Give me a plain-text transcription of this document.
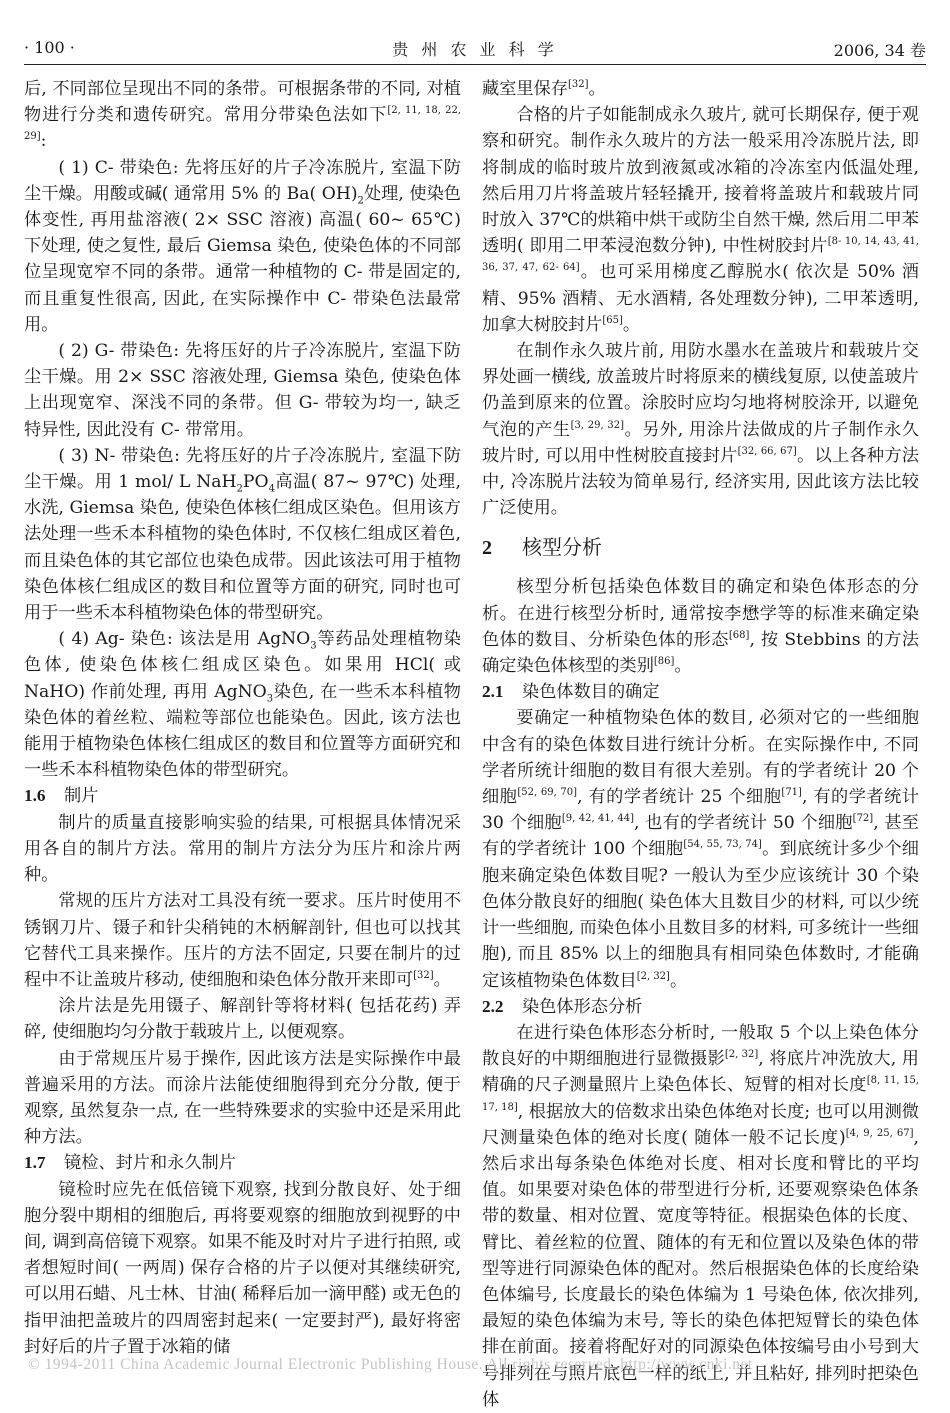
· 100 ·	贵 州 农 业 科 学	2006, 34 卷

后, 不同部位呈现出不同的条带。可根据条带的不同, 对植物进行分类和遗传研究。常用分带染色法如下[2, 11, 18, 22, 29]:

( 1) C- 带染色: 先将压好的片子冷冻脱片, 室温下防尘干燥。用酸或碱( 通常用 5% 的 Ba( $OH)_2$处理, 使染色体变性, 再用盐溶液( 2× SSC 溶液) 高温( 60~ 65℃) 下处理, 使之复性, 最后 Giemsa 染色, 使染色体的不同部位呈现宽窄不同的条带。通常一种植物的 C- 带是固定的, 而且重复性很高, 因此, 在实际操作中 C- 带染色法最常用。

( 2) G- 带染色: 先将压好的片子冷冻脱片, 室温下防尘干燥。用 2× SSC 溶液处理, Giemsa 染色, 使染色体上出现宽窄、深浅不同的条带。但 G- 带较为均一, 缺乏特异性, 因此没有 C- 带常用。

( 3) N- 带染色: 先将压好的片子冷冻脱片, 室温下防尘干燥。用 1 mol/ L $NaH_2PO_4$高温( 87~ 97℃) 处理, 水洗, Giemsa 染色, 使染色体核仁组成区染色。但用该方法处理一些禾本科植物的染色体时, 不仅核仁组成区着色, 而且染色体的其它部位也染色成带。因此该法可用于植物染色体核仁组成区的数目和位置等方面的研究, 同时也可用于一些禾本科植物染色体的带型研究。

( 4) Ag- 染色: 该法是用 AgNO$_3$等药品处理植物染色体, 使染色体核仁组成区染色。如果用 HCl( 或 NaHO) 作前处理, 再用 AgNO$_3$染色, 在一些禾本科植物染色体的着丝粒、端粒等部位也能染色。因此, 该方法也能用于植物染色体核仁组成区的数目和位置等方面研究和一些禾本科植物染色体的带型研究。

1.6 制片

制片的质量直接影响实验的结果, 可根据具体情况采用各自的制片方法。常用的制片方法分为压片和涂片两种。

常规的压片方法对工具没有统一要求。压片时使用不锈钢刀片、镊子和针尖稍钝的木柄解剖针, 但也可以找其它替代工具来操作。压片的方法不固定, 只要在制片的过程中不让盖玻片移动, 使细胞和染色体分散开来即可[32]。

涂片法是先用镊子、解剖针等将材料( 包括花药) 弄碎, 使细胞均匀分散于载玻片上, 以便观察。

由于常规压片易于操作, 因此该方法是实际操作中最普遍采用的方法。而涂片法能使细胞得到充分分散, 便于观察, 虽然复杂一点, 在一些特殊要求的实验中还是采用此种方法。

1.7 镜检、封片和永久制片

镜检时应先在低倍镜下观察, 找到分散良好、处于细胞分裂中期相的细胞后, 再将要观察的细胞放到视野的中间, 调到高倍镜下观察。如果不能及时对片子进行拍照, 或者想短时间( 一两周) 保存合格的片子以便对其继续研究, 可以用石蜡、凡士林、甘油( 稀释后加一滴甲醛) 或无色的指甲油把盖玻片的四周密封起来( 一定要封严), 最好将密封好后的片子置于冰箱的储

藏室里保存[32]。

合格的片子如能制成永久玻片, 就可长期保存, 便于观察和研究。制作永久玻片的方法一般采用冷冻脱片法, 即将制成的临时玻片放到液氮或冰箱的冷冻室内低温处理, 然后用刀片将盖玻片轻轻撬开, 接着将盖玻片和载玻片同时放入 37℃的烘箱中烘干或防尘自然干燥, 然后用二甲苯透明( 即用二甲苯浸泡数分钟), 中性树胶封片[8- 10, 14, 43, 41, 36, 37, 47, 62- 64]。也可采用梯度乙醇脱水( 依次是 50% 酒精、95% 酒精、无水酒精, 各处理数分钟), 二甲苯透明, 加拿大树胶封片[65]。

在制作永久玻片前, 用防水墨水在盖玻片和载玻片交界处画一横线, 放盖玻片时将原来的横线复原, 以使盖玻片仍盖到原来的位置。涂胶时应均匀地将树胶涂开, 以避免气泡的产生[3, 29, 32]。另外, 用涂片法做成的片子制作永久玻片时, 可以用中性树胶直接封片[32, 66, 67]。以上各种方法中, 冷冻脱片法较为简单易行, 经济实用, 因此该方法比较广泛使用。

2 核型分析

核型分析包括染色体数目的确定和染色体形态的分析。在进行核型分析时, 通常按李懋学等的标准来确定染色体的数目、分析染色体的形态[68], 按 Stebbins 的方法确定染色体核型的类别[86]。

2.1 染色体数目的确定

要确定一种植物染色体的数目, 必须对它的一些细胞中含有的染色体数目进行统计分析。在实际操作中, 不同学者所统计细胞的数目有很大差别。有的学者统计 20 个细胞[52, 69, 70], 有的学者统计 25 个细胞[71], 有的学者统计 30 个细胞[9, 42, 41, 44], 也有的学者统计 50 个细胞[72], 甚至有的学者统计 100 个细胞[54, 55, 73, 74]。到底统计多少个细胞来确定染色体数目呢? 一般认为至少应该统计 30 个染色体分散良好的细胞( 染色体大且数目少的材料, 可以少统计一些细胞, 而染色体小且数目多的材料, 可多统计一些细胞), 而且 85% 以上的细胞具有相同染色体数时, 才能确定该植物染色体数目[2, 32]。

2.2 染色体形态分析

在进行染色体形态分析时, 一般取 5 个以上染色体分散良好的中期细胞进行显微摄影[2, 32], 将底片冲洗放大, 用精确的尺子测量照片上染色体长、短臂的相对长度[8, 11, 15, 17, 18], 根据放大的倍数求出染色体绝对长度; 也可以用测微尺测量染色体的绝对长度( 随体一般不记长度)[4, 9, 25, 67], 然后求出每条染色体绝对长度、相对长度和臂比的平均值。如果要对染色体的带型进行分析, 还要观察染色体条带的数量、相对位置、宽度等特征。根据染色体的长度、臂比、着丝粒的位置、随体的有无和位置以及染色体的带型等进行同源染色体的配对。然后根据染色体的长度给染色体编号, 长度最长的染色体编为 1 号染色体, 依次排列, 最短的染色体编为末号, 等长的染色体把短臂长的染色体排在前面。接着将配好对的同源染色体按编号由小号到大号排列在与照片底色一样的纸上, 并且粘好, 排列时把染色体

© 1994-2011 China Academic Journal Electronic Publishing House. All rights reserved. http://www.cnki.net
